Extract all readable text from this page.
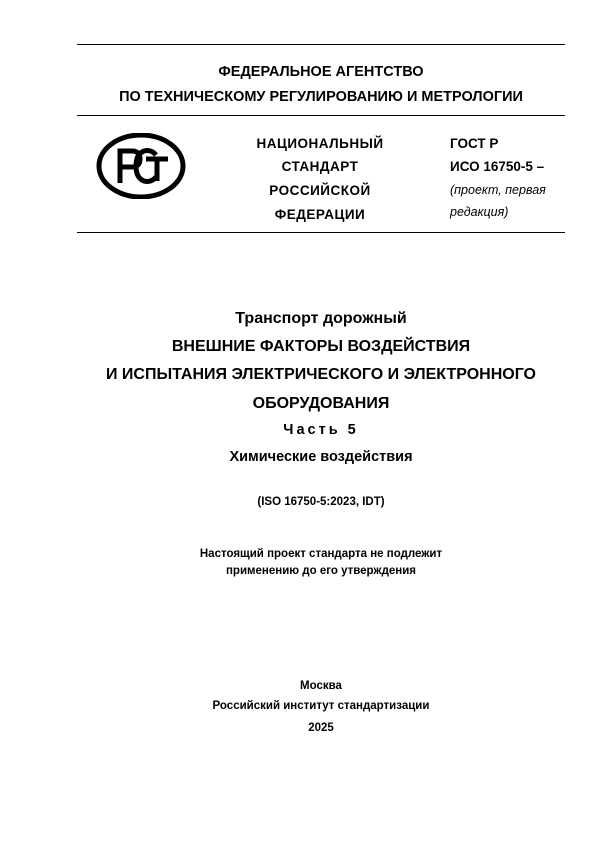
ФЕДЕРАЛЬНОЕ АГЕНТСТВО
ПО ТЕХНИЧЕСКОМУ РЕГУЛИРОВАНИЮ И МЕТРОЛОГИИ
НАЦИОНАЛЬНЫЙ
СТАНДАРТ
РОССИЙСКОЙ
ФЕДЕРАЦИИ
ГОСТ Р
ИСО 16750-5 –
(проект, первая
редакция)
Транспорт дорожный
ВНЕШНИЕ ФАКТОРЫ ВОЗДЕЙСТВИЯ
И ИСПЫТАНИЯ ЭЛЕКТРИЧЕСКОГО И ЭЛЕКТРОННОГО
ОБОРУДОВАНИЯ
Часть 5
Химические воздействия
(ISO 16750-5:2023, IDT)
Настоящий проект стандарта не подлежит
применению до его утверждения
Москва
Российский институт стандартизации
2025
